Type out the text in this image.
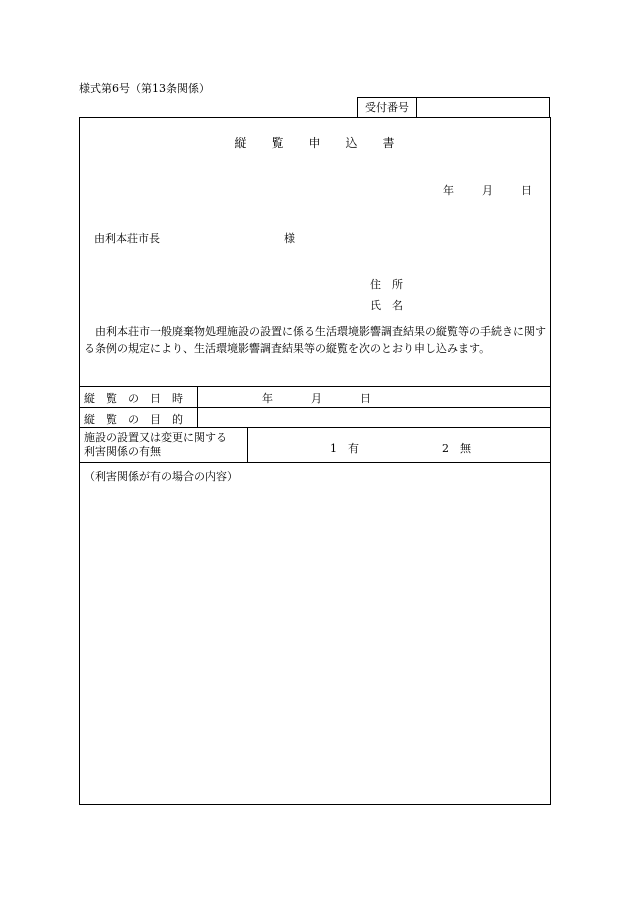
様式第6号（第13条関係）
受付番号
縦 覧 申 込 書
年	月	日
由利本荘市長	様
住　所
氏　名
由利本荘市一般廃棄物処理施設の設置に係る生活環境影響調査結果の縦覧等の手続きに関する条例の規定により、生活環境影響調査結果等の縦覧を次のとおり申し込みます。
縦 覧 の 日 時	年	月	日
縦 覧 の 目 的
施設の設置又は変更に関する
利害関係の有無	1　有	2　無
（利害関係が有の場合の内容）
